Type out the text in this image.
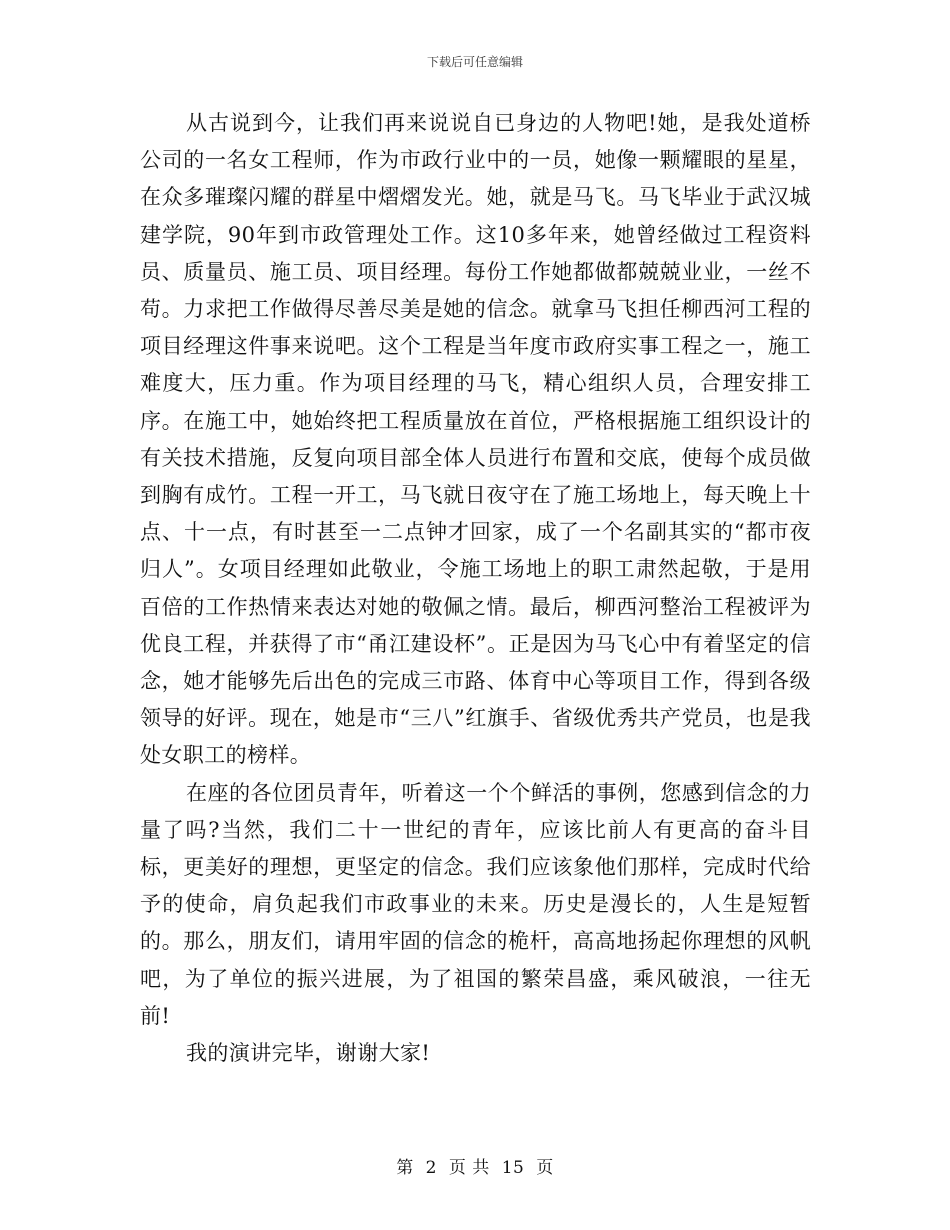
下载后可任意编辑

从古说到今，让我们再来说说自已身边的人物吧!她，是我处道桥公司的一名女工程师，作为市政行业中的一员，她像一颗耀眼的星星，在众多璀璨闪耀的群星中熠熠发光。她，就是马飞。马飞毕业于武汉城建学院，90年到市政管理处工作。这10多年来，她曾经做过工程资料员、质量员、施工员、项目经理。每份工作她都做都兢兢业业，一丝不苟。力求把工作做得尽善尽美是她的信念。就拿马飞担任柳西河工程的项目经理这件事来说吧。这个工程是当年度市政府实事工程之一，施工难度大，压力重。作为项目经理的马飞，精心组织人员，合理安排工序。在施工中，她始终把工程质量放在首位，严格根据施工组织设计的有关技术措施，反复向项目部全体人员进行布置和交底，使每个成员做到胸有成竹。工程一开工，马飞就日夜守在了施工场地上，每天晚上十点、十一点，有时甚至一二点钟才回家，成了一个名副其实的“都市夜归人”。女项目经理如此敬业，令施工场地上的职工肃然起敬，于是用百倍的工作热情来表达对她的敬佩之情。最后，柳西河整治工程被评为优良工程，并获得了市“甬江建设杯”。正是因为马飞心中有着坚定的信念，她才能够先后出色的完成三市路、体育中心等项目工作，得到各级领导的好评。现在，她是市“三八”红旗手、省级优秀共产党员，也是我处女职工的榜样。

在座的各位团员青年，听着这一个个鲜活的事例，您感到信念的力量了吗?当然，我们二十一世纪的青年，应该比前人有更高的奋斗目标，更美好的理想，更坚定的信念。我们应该象他们那样，完成时代给予的使命，肩负起我们市政事业的未来。历史是漫长的，人生是短暂的。那么，朋友们，请用牢固的信念的桅杆，高高地扬起你理想的风帆吧，为了单位的振兴进展，为了祖国的繁荣昌盛，乘风破浪，一往无前!

我的演讲完毕，谢谢大家!

第 2 页 共 15 页
